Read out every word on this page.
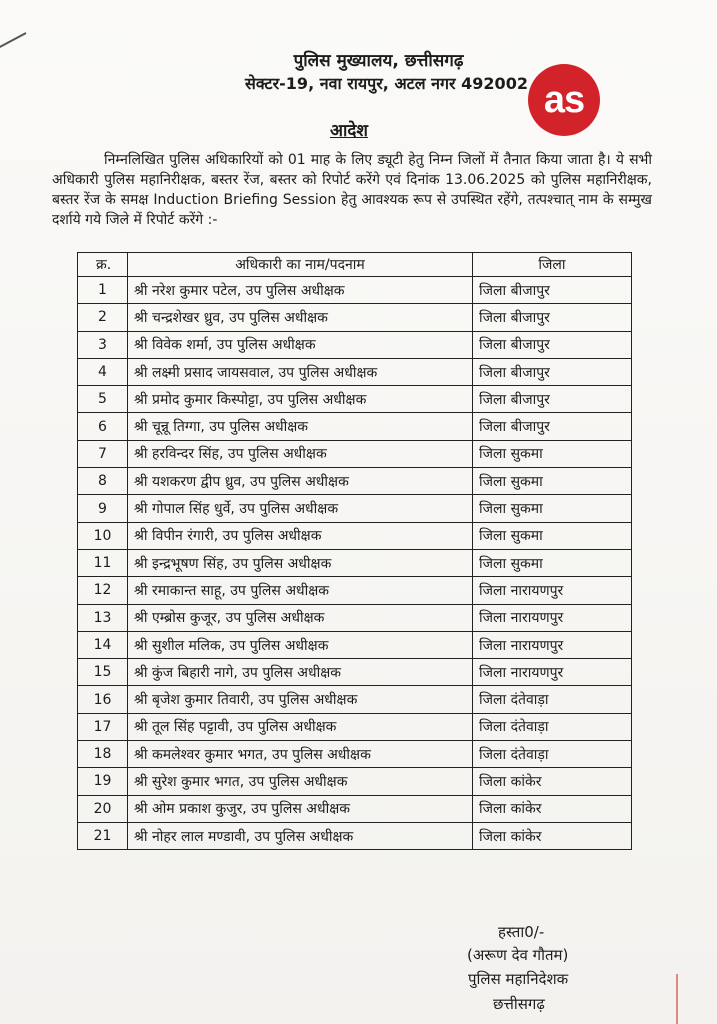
पुलिस मुख्यालय, छत्तीसगढ़
सेक्टर-19, नवा रायपुर, अटल नगर 492002 as
आदेश

निम्नलिखित पुलिस अधिकारियों को 01 माह के लिए ड्यूटी हेतु निम्न जिलों में तैनात किया जाता है। ये सभी अधिकारी पुलिस महानिरीक्षक, बस्तर रेंज, बस्तर को रिपोर्ट करेंगे एवं दिनांक 13.06.2025 को पुलिस महानिरीक्षक, बस्तर रेंज के समक्ष Induction Briefing Session हेतु आवश्यक रूप से उपस्थित रहेंगे, तत्पश्चात् नाम के सम्मुख दर्शाये गये जिले में रिपोर्ट करेंगे :-

क्र.	अधिकारी का नाम/पदनाम	जिला
1	श्री नरेश कुमार पटेल, उप पुलिस अधीक्षक	जिला बीजापुर
2	श्री चन्द्रशेखर ध्रुव, उप पुलिस अधीक्षक	जिला बीजापुर
3	श्री विवेक शर्मा, उप पुलिस अधीक्षक	जिला बीजापुर
4	श्री लक्ष्मी प्रसाद जायसवाल, उप पुलिस अधीक्षक	जिला बीजापुर
5	श्री प्रमोद कुमार किस्पोट्टा, उप पुलिस अधीक्षक	जिला बीजापुर
6	श्री चून्नू तिग्गा, उप पुलिस अधीक्षक	जिला बीजापुर
7	श्री हरविन्दर सिंह, उप पुलिस अधीक्षक	जिला सुकमा
8	श्री यशकरण द्वीप ध्रुव, उप पुलिस अधीक्षक	जिला सुकमा
9	श्री गोपाल सिंह धुर्वे, उप पुलिस अधीक्षक	जिला सुकमा
10	श्री विपीन रंगारी, उप पुलिस अधीक्षक	जिला सुकमा
11	श्री इन्द्रभूषण सिंह, उप पुलिस अधीक्षक	जिला सुकमा
12	श्री रमाकान्त साहू, उप पुलिस अधीक्षक	जिला नारायणपुर
13	श्री एम्ब्रोस कुजूर, उप पुलिस अधीक्षक	जिला नारायणपुर
14	श्री सुशील मलिक, उप पुलिस अधीक्षक	जिला नारायणपुर
15	श्री कुंज बिहारी नागे, उप पुलिस अधीक्षक	जिला नारायणपुर
16	श्री बृजेश कुमार तिवारी, उप पुलिस अधीक्षक	जिला दंतेवाड़ा
17	श्री तूल सिंह पट्टावी, उप पुलिस अधीक्षक	जिला दंतेवाड़ा
18	श्री कमलेश्वर कुमार भगत, उप पुलिस अधीक्षक	जिला दंतेवाड़ा
19	श्री सुरेश कुमार भगत, उप पुलिस अधीक्षक	जिला कांकेर
20	श्री ओम प्रकाश कुजुर, उप पुलिस अधीक्षक	जिला कांकेर
21	श्री नोहर लाल मण्डावी, उप पुलिस अधीक्षक	जिला कांकेर
हस्ता0/-
(अरूण देव गौतम)
पुलिस महानिदेशक
छत्तीसगढ़
